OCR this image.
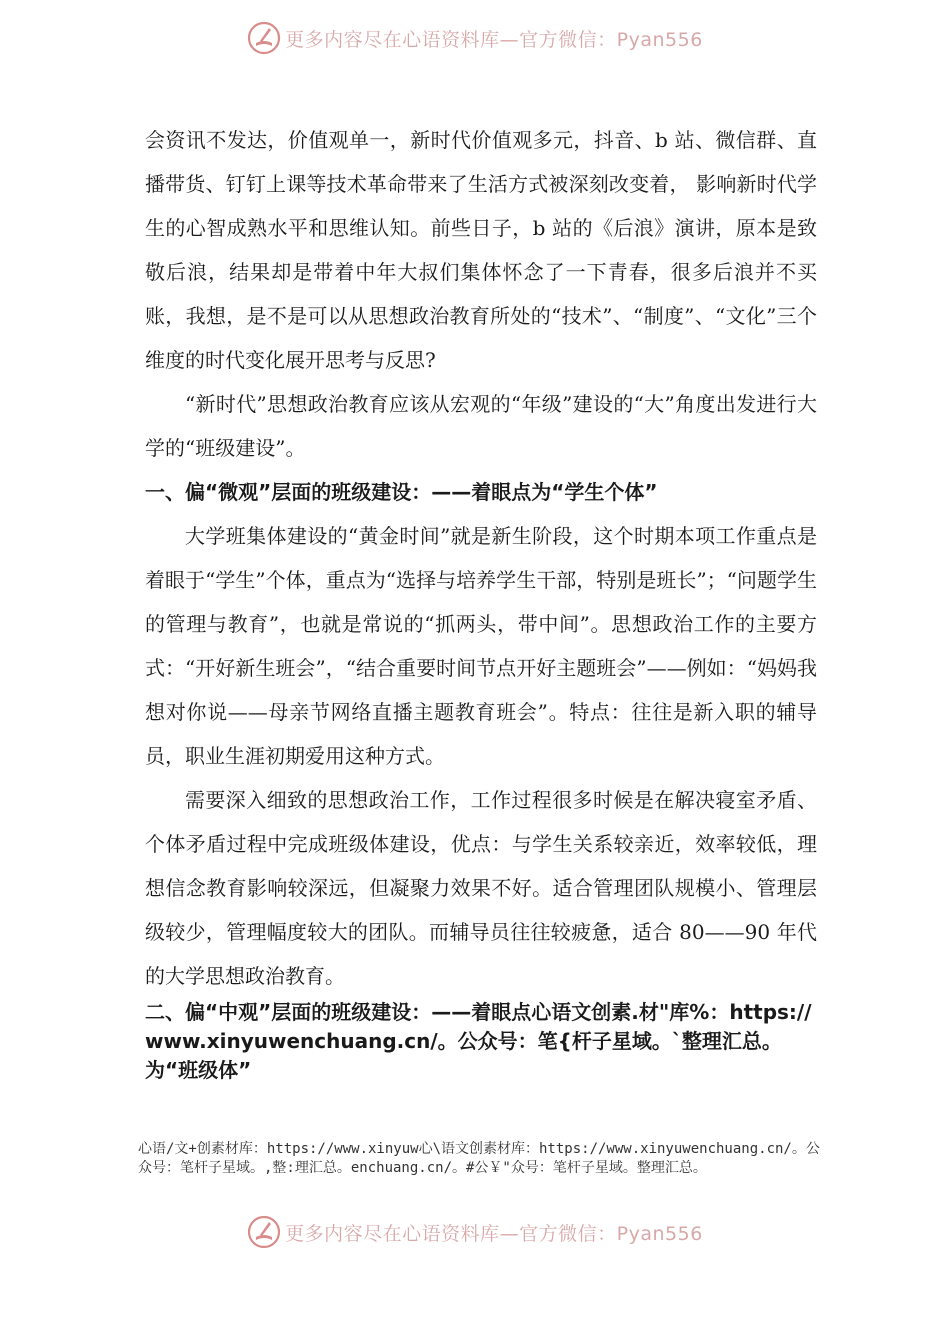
更多内容尽在心语资料库—官方微信：Pyan556

会资讯不发达，价值观单一，新时代价值观多元，抖音、b 站、微信群、直播带货、钉钉上课等技术革命带来了生活方式被深刻改变着， 影响新时代学生的心智成熟水平和思维认知。前些日子，b 站的《后浪》演讲，原本是致敬后浪，结果却是带着中年大叔们集体怀念了一下青春，很多后浪并不买账，我想，是不是可以从思想政治教育所处的“技术”、“制度”、“文化”三个维度的时代变化展开思考与反思?

“新时代”思想政治教育应该从宏观的“年级”建设的“大”角度出发进行大学的“班级建设”。

一、偏“微观”层面的班级建设：——着眼点为“学生个体”

大学班集体建设的“黄金时间”就是新生阶段，这个时期本项工作重点是着眼于“学生”个体，重点为“选择与培养学生干部，特别是班长”；“问题学生的管理与教育”，也就是常说的“抓两头，带中间”。思想政治工作的主要方式：“开好新生班会”，“结合重要时间节点开好主题班会”——例如：“妈妈我想对你说——母亲节网络直播主题教育班会”。特点：往往是新入职的辅导员，职业生涯初期爱用这种方式。

需要深入细致的思想政治工作，工作过程很多时候是在解决寝室矛盾、个体矛盾过程中完成班级体建设，优点：与学生关系较亲近，效率较低，理想信念教育影响较深远，但凝聚力效果不好。适合管理团队规模小、管理层级较少，管理幅度较大的团队。而辅导员往往较疲惫，适合 80——90 年代的大学思想政治教育。

二、偏“中观”层面的班级建设：——着眼点心语文创素.材"库%：https://www.xinyuwenchuang.cn/。公众号：笔{杆子星域。`整理汇总。为“班级体”

心语/文+创素材库：https://www.xinyuw心\语文创素材库：https://www.xinyuwenchuang.cn/。公众号：笔杆子星域。,整:理汇总。enchuang.cn/。#公￥"众号：笔杆子星域。整理汇总。
更多内容尽在心语资料库—官方微信：Pyan556
